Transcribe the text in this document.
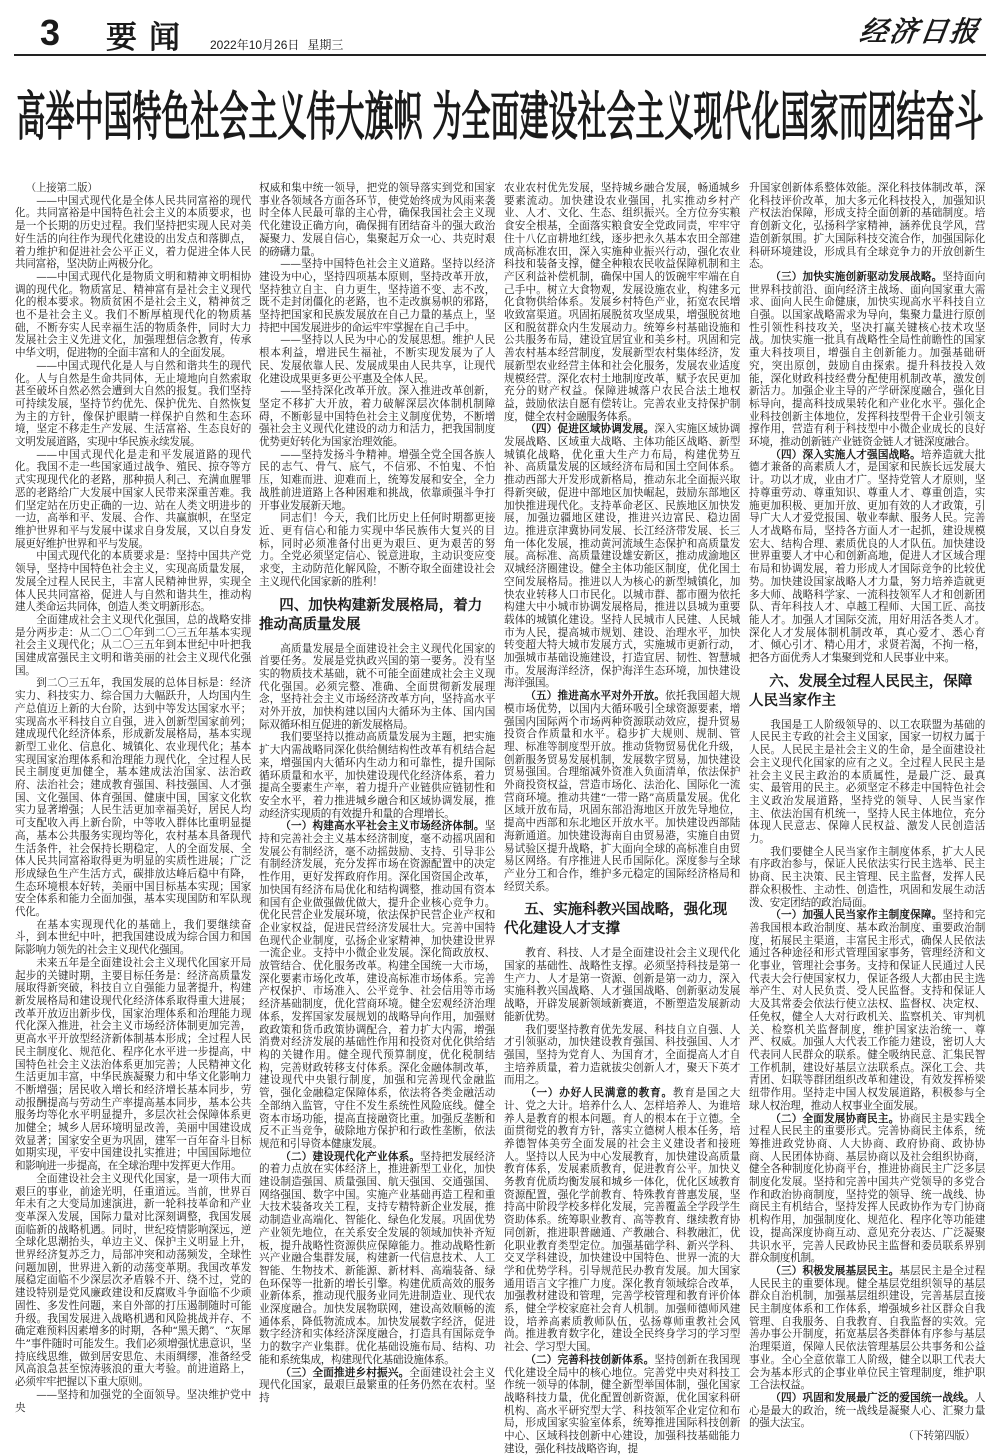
3 要闻 2022年10月26日 星期三	经济日报
高举中国特色社会主义伟大旗帜 为全面建设社会主义现代化国家而团结奋斗

（上接第二版）

——中国式现代化是全体人民共同富裕的现代化。共同富裕是中国特色社会主义的本质要求，也是一个长期的历史过程。我们坚持把实现人民对美好生活的向往作为现代化建设的出发点和落脚点，着力维护和促进社会公平正义，着力促进全体人民共同富裕，坚决防止两极分化。

——中国式现代化是物质文明和精神文明相协调的现代化。物质富足、精神富有是社会主义现代化的根本要求。物质贫困不是社会主义，精神贫乏也不是社会主义。我们不断厚植现代化的物质基础，不断夯实人民幸福生活的物质条件，同时大力发展社会主义先进文化，加强理想信念教育，传承中华文明，促进物的全面丰富和人的全面发展。

——中国式现代化是人与自然和谐共生的现代化。人与自然是生命共同体，无止境地向自然索取甚至破坏自然必然会遭到大自然的报复。我们坚持可持续发展，坚持节约优先、保护优先、自然恢复为主的方针，像保护眼睛一样保护自然和生态环境，坚定不移走生产发展、生活富裕、生态良好的文明发展道路，实现中华民族永续发展。

——中国式现代化是走和平发展道路的现代化。我国不走一些国家通过战争、殖民、掠夺等方式实现现代化的老路，那种损人利己、充满血腥罪恶的老路给广大发展中国家人民带来深重苦难。我们坚定站在历史正确的一边、站在人类文明进步的一边，高举和平、发展、合作、共赢旗帜，在坚定维护世界和平与发展中谋求自身发展，又以自身发展更好维护世界和平与发展。

中国式现代化的本质要求是：坚持中国共产党领导，坚持中国特色社会主义，实现高质量发展，发展全过程人民民主，丰富人民精神世界，实现全体人民共同富裕，促进人与自然和谐共生，推动构建人类命运共同体，创造人类文明新形态。

全面建成社会主义现代化强国，总的战略安排是分两步走：从二〇二〇年到二〇三五年基本实现社会主义现代化；从二〇三五年到本世纪中叶把我国建成富强民主文明和谐美丽的社会主义现代化强国。

到二〇三五年，我国发展的总体目标是：经济实力、科技实力、综合国力大幅跃升，人均国内生产总值迈上新的大台阶，达到中等发达国家水平；实现高水平科技自立自强，进入创新型国家前列；建成现代化经济体系，形成新发展格局，基本实现新型工业化、信息化、城镇化、农业现代化；基本实现国家治理体系和治理能力现代化，全过程人民民主制度更加健全，基本建成法治国家、法治政府、法治社会；建成教育强国、科技强国、人才强国、文化强国、体育强国、健康中国，国家文化软实力显著增强；人民生活更加幸福美好，居民人均可支配收入再上新台阶，中等收入群体比重明显提高，基本公共服务实现均等化，农村基本具备现代生活条件，社会保持长期稳定，人的全面发展、全体人民共同富裕取得更为明显的实质性进展；广泛形成绿色生产生活方式，碳排放达峰后稳中有降，生态环境根本好转，美丽中国目标基本实现；国家安全体系和能力全面加强，基本实现国防和军队现代化。

在基本实现现代化的基础上，我们要继续奋斗，到本世纪中叶，把我国建设成为综合国力和国际影响力领先的社会主义现代化强国。

未来五年是全面建设社会主义现代化国家开局起步的关键时期，主要目标任务是：经济高质量发展取得新突破，科技自立自强能力显著提升，构建新发展格局和建设现代化经济体系取得重大进展；改革开放迈出新步伐，国家治理体系和治理能力现代化深入推进，社会主义市场经济体制更加完善，更高水平开放型经济新体制基本形成；全过程人民民主制度化、规范化、程序化水平进一步提高，中国特色社会主义法治体系更加完善；人民精神文化生活更加丰富，中华民族凝聚力和中华文化影响力不断增强；居民收入增长和经济增长基本同步，劳动报酬提高与劳动生产率提高基本同步，基本公共服务均等化水平明显提升，多层次社会保障体系更加健全；城乡人居环境明显改善，美丽中国建设成效显著；国家安全更为巩固，建军一百年奋斗目标如期实现，平安中国建设扎实推进；中国国际地位和影响进一步提高，在全球治理中发挥更大作用。

全面建设社会主义现代化国家，是一项伟大而艰巨的事业，前途光明，任重道远。当前，世界百年未有之大变局加速演进，新一轮科技革命和产业变革深入发展，国际力量对比深刻调整，我国发展面临新的战略机遇。同时，世纪疫情影响深远，逆全球化思潮抬头，单边主义、保护主义明显上升，世界经济复苏乏力，局部冲突和动荡频发，全球性问题加剧，世界进入新的动荡变革期。我国改革发展稳定面临不少深层次矛盾躲不开、绕不过，党的建设特别是党风廉政建设和反腐败斗争面临不少顽固性、多发性问题，来自外部的打压遏制随时可能升级。我国发展进入战略机遇和风险挑战并存、不确定难预料因素增多的时期，各种“黑天鹅”、“灰犀牛”事件随时可能发生。我们必须增强忧患意识，坚持底线思维，做到居安思危、未雨绸缪，准备经受风高浪急甚至惊涛骇浪的重大考验。前进道路上，必须牢牢把握以下重大原则。

——坚持和加强党的全面领导。坚决维护党中央

权威和集中统一领导，把党的领导落实到党和国家事业各领域各方面各环节，使党始终成为风雨来袭时全体人民最可靠的主心骨，确保我国社会主义现代化建设正确方向，确保拥有团结奋斗的强大政治凝聚力、发展自信心，集聚起万众一心、共克时艰的磅礴力量。

——坚持中国特色社会主义道路。坚持以经济建设为中心，坚持四项基本原则，坚持改革开放，坚持独立自主、自力更生，坚持道不变、志不改，既不走封闭僵化的老路，也不走改旗易帜的邪路，坚持把国家和民族发展放在自己力量的基点上，坚持把中国发展进步的命运牢牢掌握在自己手中。

——坚持以人民为中心的发展思想。维护人民根本利益，增进民生福祉，不断实现发展为了人民、发展依靠人民、发展成果由人民共享，让现代化建设成果更多更公平惠及全体人民。

——坚持深化改革开放。深入推进改革创新，坚定不移扩大开放，着力破解深层次体制机制障碍，不断彰显中国特色社会主义制度优势，不断增强社会主义现代化建设的动力和活力，把我国制度优势更好转化为国家治理效能。

——坚持发扬斗争精神。增强全党全国各族人民的志气、骨气、底气，不信邪、不怕鬼、不怕压，知难而进、迎难而上，统筹发展和安全，全力战胜前进道路上各种困难和挑战，依靠顽强斗争打开事业发展新天地。

同志们！今天，我们比历史上任何时期都更接近、更有信心和能力实现中华民族伟大复兴的目标，同时必须准备付出更为艰巨、更为艰苦的努力。全党必须坚定信心、锐意进取，主动识变应变求变，主动防范化解风险，不断夺取全面建设社会主义现代化国家新的胜利！

四、加快构建新发展格局，着力推动高质量发展

高质量发展是全面建设社会主义现代化国家的首要任务。发展是党执政兴国的第一要务。没有坚实的物质技术基础，就不可能全面建成社会主义现代化强国。必须完整、准确、全面贯彻新发展理念，坚持社会主义市场经济改革方向，坚持高水平对外开放，加快构建以国内大循环为主体、国内国际双循环相互促进的新发展格局。

我们要坚持以推动高质量发展为主题，把实施扩大内需战略同深化供给侧结构性改革有机结合起来，增强国内大循环内生动力和可靠性，提升国际循环质量和水平，加快建设现代化经济体系，着力提高全要素生产率，着力提升产业链供应链韧性和安全水平，着力推进城乡融合和区域协调发展，推动经济实现质的有效提升和量的合理增长。

（一）构建高水平社会主义市场经济体制。坚持和完善社会主义基本经济制度，毫不动摇巩固和发展公有制经济，毫不动摇鼓励、支持、引导非公有制经济发展，充分发挥市场在资源配置中的决定性作用，更好发挥政府作用。深化国资国企改革，加快国有经济布局优化和结构调整，推动国有资本和国有企业做强做优做大，提升企业核心竞争力。优化民营企业发展环境，依法保护民营企业产权和企业家权益，促进民营经济发展壮大。完善中国特色现代企业制度，弘扬企业家精神，加快建设世界一流企业。支持中小微企业发展。深化简政放权、放管结合、优化服务改革。构建全国统一大市场，深化要素市场化改革，建设高标准市场体系。完善产权保护、市场准入、公平竞争、社会信用等市场经济基础制度，优化营商环境。健全宏观经济治理体系，发挥国家发展规划的战略导向作用，加强财政政策和货币政策协调配合，着力扩大内需，增强消费对经济发展的基础性作用和投资对优化供给结构的关键作用。健全现代预算制度，优化税制结构，完善财政转移支付体系。深化金融体制改革，建设现代中央银行制度，加强和完善现代金融监管，强化金融稳定保障体系，依法将各类金融活动全部纳入监管，守住不发生系统性风险底线。健全资本市场功能，提高直接融资比重。加强反垄断和反不正当竞争，破除地方保护和行政性垄断，依法规范和引导资本健康发展。

（二）建设现代化产业体系。坚持把发展经济的着力点放在实体经济上，推进新型工业化，加快建设制造强国、质量强国、航天强国、交通强国、网络强国、数字中国。实施产业基础再造工程和重大技术装备攻关工程，支持专精特新企业发展，推动制造业高端化、智能化、绿色化发展。巩固优势产业领先地位，在关系安全发展的领域加快补齐短板，提升战略性资源供应保障能力。推动战略性新兴产业融合集群发展，构建新一代信息技术、人工智能、生物技术、新能源、新材料、高端装备、绿色环保等一批新的增长引擎。构建优质高效的服务业新体系，推动现代服务业同先进制造业、现代农业深度融合。加快发展物联网，建设高效顺畅的流通体系，降低物流成本。加快发展数字经济，促进数字经济和实体经济深度融合，打造具有国际竞争力的数字产业集群。优化基础设施布局、结构、功能和系统集成，构建现代化基础设施体系。

（三）全面推进乡村振兴。全面建设社会主义现代化国家，最艰巨最繁重的任务仍然在农村。坚持

农业农村优先发展，坚持城乡融合发展，畅通城乡要素流动。加快建设农业强国，扎实推动乡村产业、人才、文化、生态、组织振兴。全方位夯实粮食安全根基，全面落实粮食安全党政同责，牢牢守住十八亿亩耕地红线，逐步把永久基本农田全部建成高标准农田，深入实施种业振兴行动，强化农业科技和装备支撑，健全种粮农民收益保障机制和主产区利益补偿机制，确保中国人的饭碗牢牢端在自己手中。树立大食物观，发展设施农业，构建多元化食物供给体系。发展乡村特色产业，拓宽农民增收致富渠道。巩固拓展脱贫攻坚成果，增强脱贫地区和脱贫群众内生发展动力。统筹乡村基础设施和公共服务布局，建设宜居宜业和美乡村。巩固和完善农村基本经营制度，发展新型农村集体经济，发展新型农业经营主体和社会化服务，发展农业适度规模经营。深化农村土地制度改革，赋予农民更加充分的财产权益。保障进城落户农民合法土地权益，鼓励依法自愿有偿转让。完善农业支持保护制度，健全农村金融服务体系。

（四）促进区域协调发展。深入实施区域协调发展战略、区域重大战略、主体功能区战略、新型城镇化战略，优化重大生产力布局，构建优势互补、高质量发展的区域经济布局和国土空间体系。推动西部大开发形成新格局，推动东北全面振兴取得新突破，促进中部地区加快崛起，鼓励东部地区加快推进现代化。支持革命老区、民族地区加快发展，加强边疆地区建设，推进兴边富民、稳边固边。推进京津冀协同发展、长江经济带发展、长三角一体化发展，推动黄河流域生态保护和高质量发展。高标准、高质量建设雄安新区，推动成渝地区双城经济圈建设。健全主体功能区制度，优化国土空间发展格局。推进以人为核心的新型城镇化，加快农业转移人口市民化。以城市群、都市圈为依托构建大中小城市协调发展格局，推进以县城为重要载体的城镇化建设。坚持人民城市人民建、人民城市为人民，提高城市规划、建设、治理水平，加快转变超大特大城市发展方式，实施城市更新行动，加强城市基础设施建设，打造宜居、韧性、智慧城市。发展海洋经济，保护海洋生态环境，加快建设海洋强国。

（五）推进高水平对外开放。依托我国超大规模市场优势，以国内大循环吸引全球资源要素，增强国内国际两个市场两种资源联动效应，提升贸易投资合作质量和水平。稳步扩大规则、规制、管理、标准等制度型开放。推动货物贸易优化升级，创新服务贸易发展机制，发展数字贸易，加快建设贸易强国。合理缩减外资准入负面清单，依法保护外商投资权益，营造市场化、法治化、国际化一流营商环境。推动共建“一带一路”高质量发展。优化区域开放布局，巩固东部沿海地区开放先导地位，提高中西部和东北地区开放水平。加快建设西部陆海新通道。加快建设海南自由贸易港，实施自由贸易试验区提升战略，扩大面向全球的高标准自由贸易区网络。有序推进人民币国际化。深度参与全球产业分工和合作，维护多元稳定的国际经济格局和经贸关系。

五、实施科教兴国战略，强化现代化建设人才支撑

教育、科技、人才是全面建设社会主义现代化国家的基础性、战略性支撑。必须坚持科技是第一生产力、人才是第一资源、创新是第一动力，深入实施科教兴国战略、人才强国战略、创新驱动发展战略，开辟发展新领域新赛道，不断塑造发展新动能新优势。

我们要坚持教育优先发展、科技自立自强、人才引领驱动，加快建设教育强国、科技强国、人才强国，坚持为党育人、为国育才，全面提高人才自主培养质量，着力造就拔尖创新人才，聚天下英才而用之。

（一）办好人民满意的教育。教育是国之大计、党之大计。培养什么人、怎样培养人、为谁培养人是教育的根本问题。育人的根本在于立德。全面贯彻党的教育方针，落实立德树人根本任务，培养德智体美劳全面发展的社会主义建设者和接班人。坚持以人民为中心发展教育，加快建设高质量教育体系，发展素质教育，促进教育公平。加快义务教育优质均衡发展和城乡一体化，优化区域教育资源配置，强化学前教育、特殊教育普惠发展，坚持高中阶段学校多样化发展，完善覆盖全学段学生资助体系。统筹职业教育、高等教育、继续教育协同创新，推进职普融通、产教融合、科教融汇，优化职业教育类型定位。加强基础学科、新兴学科、交叉学科建设，加快建设中国特色、世界一流的大学和优势学科。引导规范民办教育发展。加大国家通用语言文字推广力度。深化教育领域综合改革，加强教材建设和管理，完善学校管理和教育评价体系，健全学校家庭社会育人机制。加强师德师风建设，培养高素质教师队伍，弘扬尊师重教社会风尚。推进教育数字化，建设全民终身学习的学习型社会、学习型大国。

（二）完善科技创新体系。坚持创新在我国现代化建设全局中的核心地位。完善党中央对科技工作统一领导的体制，健全新型举国体制，强化国家战略科技力量，优化配置创新资源，优化国家科研机构、高水平研究型大学、科技领军企业定位和布局，形成国家实验室体系，统筹推进国际科技创新中心、区域科技创新中心建设，加强科技基础能力建设，强化科技战略咨询，提

升国家创新体系整体效能。深化科技体制改革，深化科技评价改革，加大多元化科技投入，加强知识产权法治保障，形成支持全面创新的基础制度。培育创新文化，弘扬科学家精神，涵养优良学风，营造创新氛围。扩大国际科技交流合作，加强国际化科研环境建设，形成具有全球竞争力的开放创新生态。

（三）加快实施创新驱动发展战略。坚持面向世界科技前沿、面向经济主战场、面向国家重大需求、面向人民生命健康，加快实现高水平科技自立自强。以国家战略需求为导向，集聚力量进行原创性引领性科技攻关，坚决打赢关键核心技术攻坚战。加快实施一批具有战略性全局性前瞻性的国家重大科技项目，增强自主创新能力。加强基础研究，突出原创，鼓励自由探索。提升科技投入效能，深化财政科技经费分配使用机制改革，激发创新活力。加强企业主导的产学研深度融合，强化目标导向，提高科技成果转化和产业化水平。强化企业科技创新主体地位，发挥科技型骨干企业引领支撑作用，营造有利于科技型中小微企业成长的良好环境，推动创新链产业链资金链人才链深度融合。

（四）深入实施人才强国战略。培养造就大批德才兼备的高素质人才，是国家和民族长远发展大计。功以才成，业由才广。坚持党管人才原则，坚持尊重劳动、尊重知识、尊重人才、尊重创造，实施更加积极、更加开放、更加有效的人才政策，引导广大人才爱党报国、敬业奉献、服务人民。完善人才战略布局，坚持各方面人才一起抓，建设规模宏大、结构合理、素质优良的人才队伍。加快建设世界重要人才中心和创新高地，促进人才区域合理布局和协调发展，着力形成人才国际竞争的比较优势。加快建设国家战略人才力量，努力培养造就更多大师、战略科学家、一流科技领军人才和创新团队、青年科技人才、卓越工程师、大国工匠、高技能人才。加强人才国际交流，用好用活各类人才。深化人才发展体制机制改革，真心爱才、悉心育才、倾心引才、精心用才，求贤若渴，不拘一格，把各方面优秀人才集聚到党和人民事业中来。

六、发展全过程人民民主，保障人民当家作主

我国是工人阶级领导的、以工农联盟为基础的人民民主专政的社会主义国家，国家一切权力属于人民。人民民主是社会主义的生命，是全面建设社会主义现代化国家的应有之义。全过程人民民主是社会主义民主政治的本质属性，是最广泛、最真实、最管用的民主。必须坚定不移走中国特色社会主义政治发展道路，坚持党的领导、人民当家作主、依法治国有机统一，坚持人民主体地位，充分体现人民意志、保障人民权益、激发人民创造活力。

我们要健全人民当家作主制度体系，扩大人民有序政治参与，保证人民依法实行民主选举、民主协商、民主决策、民主管理、民主监督，发挥人民群众积极性、主动性、创造性，巩固和发展生动活泼、安定团结的政治局面。

（一）加强人民当家作主制度保障。坚持和完善我国根本政治制度、基本政治制度、重要政治制度，拓展民主渠道，丰富民主形式，确保人民依法通过各种途径和形式管理国家事务，管理经济和文化事业，管理社会事务。支持和保证人民通过人民代表大会行使国家权力，保证各级人大都由民主选举产生、对人民负责、受人民监督。支持和保证人大及其常委会依法行使立法权、监督权、决定权、任免权，健全人大对行政机关、监察机关、审判机关、检察机关监督制度，维护国家法治统一、尊严、权威。加强人大代表工作能力建设，密切人大代表同人民群众的联系。健全吸纳民意、汇集民智工作机制，建设好基层立法联系点。深化工会、共青团、妇联等群团组织改革和建设，有效发挥桥梁纽带作用。坚持走中国人权发展道路，积极参与全球人权治理，推动人权事业全面发展。

（二）全面发展协商民主。协商民主是实践全过程人民民主的重要形式。完善协商民主体系，统筹推进政党协商、人大协商、政府协商、政协协商、人民团体协商、基层协商以及社会组织协商，健全各种制度化协商平台，推进协商民主广泛多层制度化发展。坚持和完善中国共产党领导的多党合作和政治协商制度，坚持党的领导、统一战线、协商民主有机结合，坚持发挥人民政协作为专门协商机构作用，加强制度化、规范化、程序化等功能建设，提高深度协商互动、意见充分表达、广泛凝聚共识水平，完善人民政协民主监督和委员联系界别群众制度机制。

（三）积极发展基层民主。基层民主是全过程人民民主的重要体现。健全基层党组织领导的基层群众自治机制，加强基层组织建设，完善基层直接民主制度体系和工作体系，增强城乡社区群众自我管理、自我服务、自我教育、自我监督的实效。完善办事公开制度，拓宽基层各类群体有序参与基层治理渠道，保障人民依法管理基层公共事务和公益事业。全心全意依靠工人阶级，健全以职工代表大会为基本形式的企事业单位民主管理制度，维护职工合法权益。

（四）巩固和发展最广泛的爱国统一战线。人心是最大的政治，统一战线是凝聚人心、汇聚力量的强大法宝。

（下转第四版）
